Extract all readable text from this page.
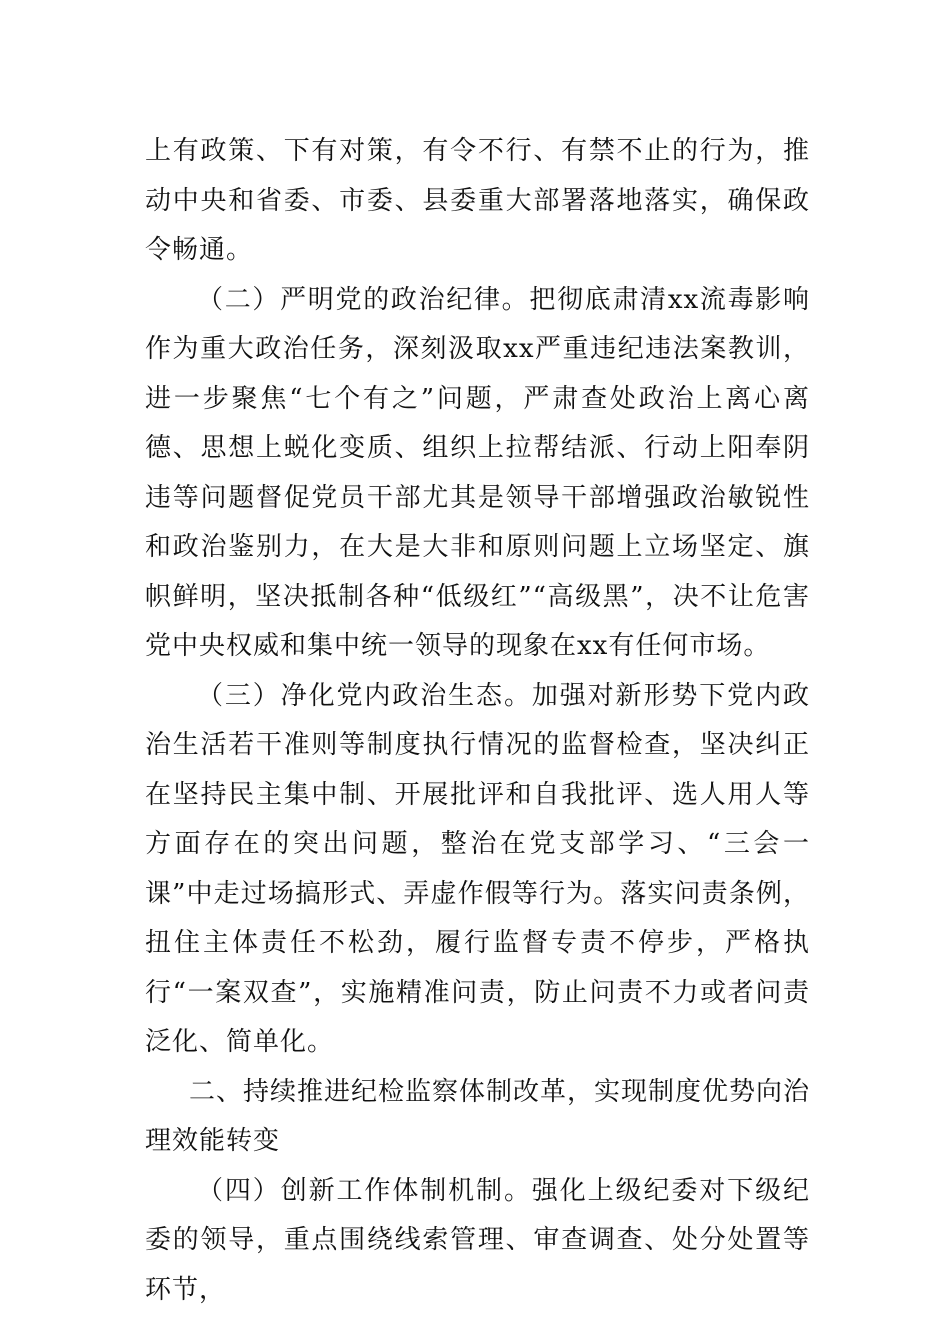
上有政策、下有对策，有令不行、有禁不止的行为，推动中央和省委、市委、县委重大部署落地落实，确保政令畅通。

（二）严明党的政治纪律。把彻底肃清xx流毒影响作为重大政治任务，深刻汲取xx严重违纪违法案教训，进一步聚焦“七个有之”问题，严肃查处政治上离心离德、思想上蜕化变质、组织上拉帮结派、行动上阳奉阴违等问题督促党员干部尤其是领导干部增强政治敏锐性和政治鉴别力，在大是大非和原则问题上立场坚定、旗帜鲜明，坚决抵制各种“低级红”“高级黑”，决不让危害党中央权威和集中统一领导的现象在xx有任何市场。

（三）净化党内政治生态。加强对新形势下党内政治生活若干准则等制度执行情况的监督检查，坚决纠正在坚持民主集中制、开展批评和自我批评、选人用人等方面存在的突出问题，整治在党支部学习、“三会一课”中走过场搞形式、弄虚作假等行为。落实问责条例，扭住主体责任不松劲，履行监督专责不停步，严格执行“一案双查”，实施精准问责，防止问责不力或者问责泛化、简单化。

二、持续推进纪检监察体制改革，实现制度优势向治理效能转变

（四）创新工作体制机制。强化上级纪委对下级纪委的领导，重点围绕线索管理、审查调查、处分处置等环节，
